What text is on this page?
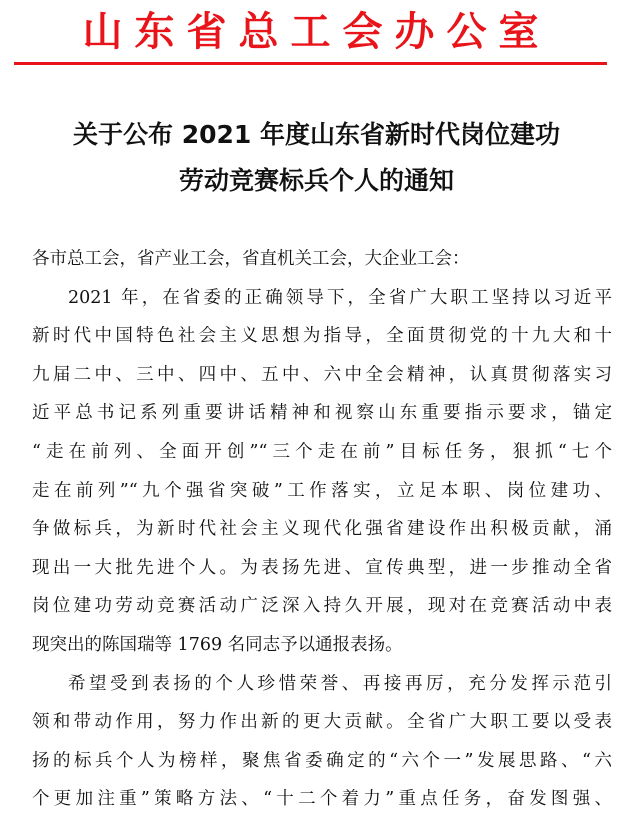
山东省总工会办公室
关于公布 2021 年度山东省新时代岗位建功
劳动竞赛标兵个人的通知
各市总工会，省产业工会，省直机关工会，大企业工会：
2021 年，在省委的正确领导下，全省广大职工坚持以习近平
新时代中国特色社会主义思想为指导，全面贯彻党的十九大和十
九届二中、三中、四中、五中、六中全会精神，认真贯彻落实习
近平总书记系列重要讲话精神和视察山东重要指示要求，锚定
“走在前列、全面开创”“三个走在前”目标任务，狠抓“七个
走在前列”“九个强省突破”工作落实，立足本职、岗位建功、
争做标兵，为新时代社会主义现代化强省建设作出积极贡献，涌
现出一大批先进个人。为表扬先进、宣传典型，进一步推动全省
岗位建功劳动竞赛活动广泛深入持久开展，现对在竞赛活动中表
现突出的陈国瑞等 1769 名同志予以通报表扬。
希望受到表扬的个人珍惜荣誉、再接再厉，充分发挥示范引
领和带动作用，努力作出新的更大贡献。全省广大职工要以受表
扬的标兵个人为榜样，聚焦省委确定的“六个一”发展思路、“六
个更加注重”策略方法、“十二个着力”重点任务，奋发图强、
